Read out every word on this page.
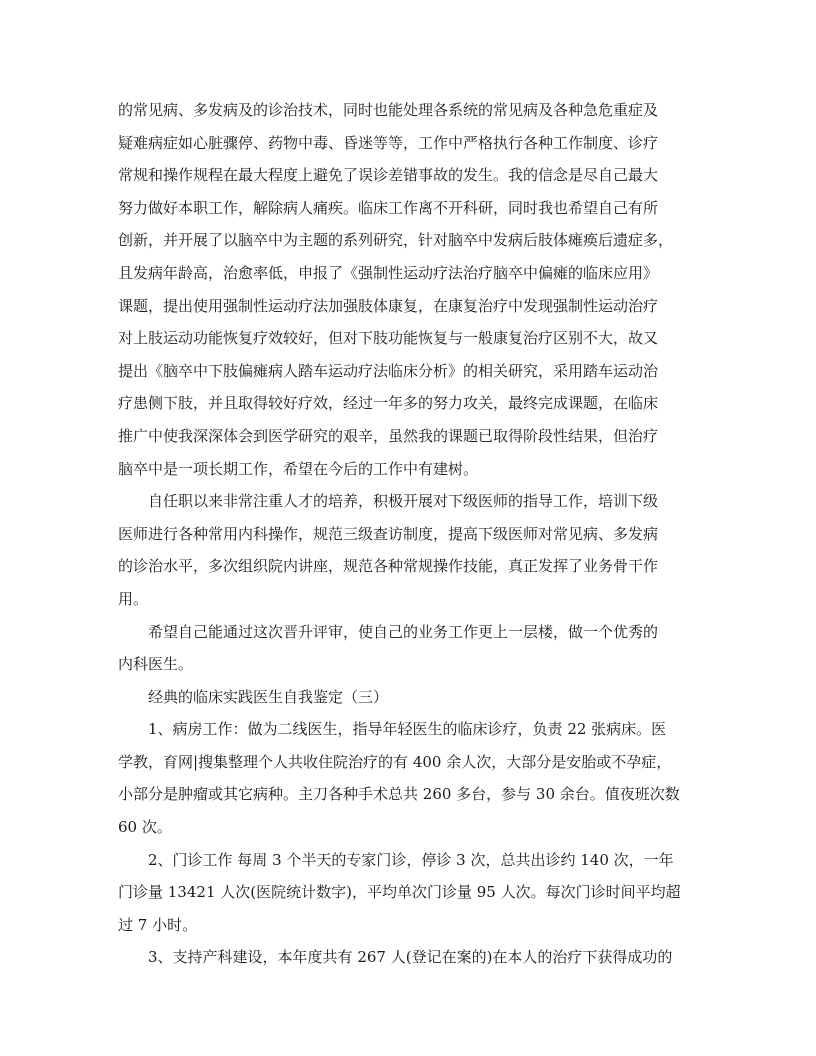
的常见病、多发病及的诊治技术，同时也能处理各系统的常见病及各种急危重症及
疑难病症如心脏骤停、药物中毒、昏迷等等，工作中严格执行各种工作制度、诊疗
常规和操作规程在最大程度上避免了误诊差错事故的发生。我的信念是尽自己最大
努力做好本职工作，解除病人痛疾。临床工作离不开科研，同时我也希望自己有所
创新，并开展了以脑卒中为主题的系列研究，针对脑卒中发病后肢体瘫痪后遗症多，
且发病年龄高，治愈率低，申报了《强制性运动疗法治疗脑卒中偏瘫的临床应用》
课题，提出使用强制性运动疗法加强肢体康复，在康复治疗中发现强制性运动治疗
对上肢运动功能恢复疗效较好，但对下肢功能恢复与一般康复治疗区别不大，故又
提出《脑卒中下肢偏瘫病人踏车运动疗法临床分析》的相关研究，采用踏车运动治
疗患侧下肢，并且取得较好疗效，经过一年多的努力攻关，最终完成课题，在临床
推广中使我深深体会到医学研究的艰辛，虽然我的课题已取得阶段性结果，但治疗
脑卒中是一项长期工作，希望在今后的工作中有建树。

自任职以来非常注重人才的培养，积极开展对下级医师的指导工作，培训下级
医师进行各种常用内科操作，规范三级查访制度，提高下级医师对常见病、多发病
的诊治水平，多次组织院内讲座，规范各种常规操作技能，真正发挥了业务骨干作
用。

希望自己能通过这次晋升评审，使自己的业务工作更上一层楼，做一个优秀的
内科医生。

经典的临床实践医生自我鉴定（三）

1、病房工作：做为二线医生，指导年轻医生的临床诊疗，负责 22 张病床。医
学教，育网|搜集整理个人共收住院治疗的有 400 余人次，大部分是安胎或不孕症，
小部分是肿瘤或其它病种。主刀各种手术总共 260 多台，参与 30 余台。值夜班次数
60 次。

2、门诊工作 每周 3 个半天的专家门诊，停诊 3 次，总共出诊约 140 次，一年
门诊量 13421 人次(医院统计数字)，平均单次门诊量 95 人次。每次门诊时间平均超
过 7 小时。

3、支持产科建设，本年度共有 267 人(登记在案的)在本人的治疗下获得成功的
